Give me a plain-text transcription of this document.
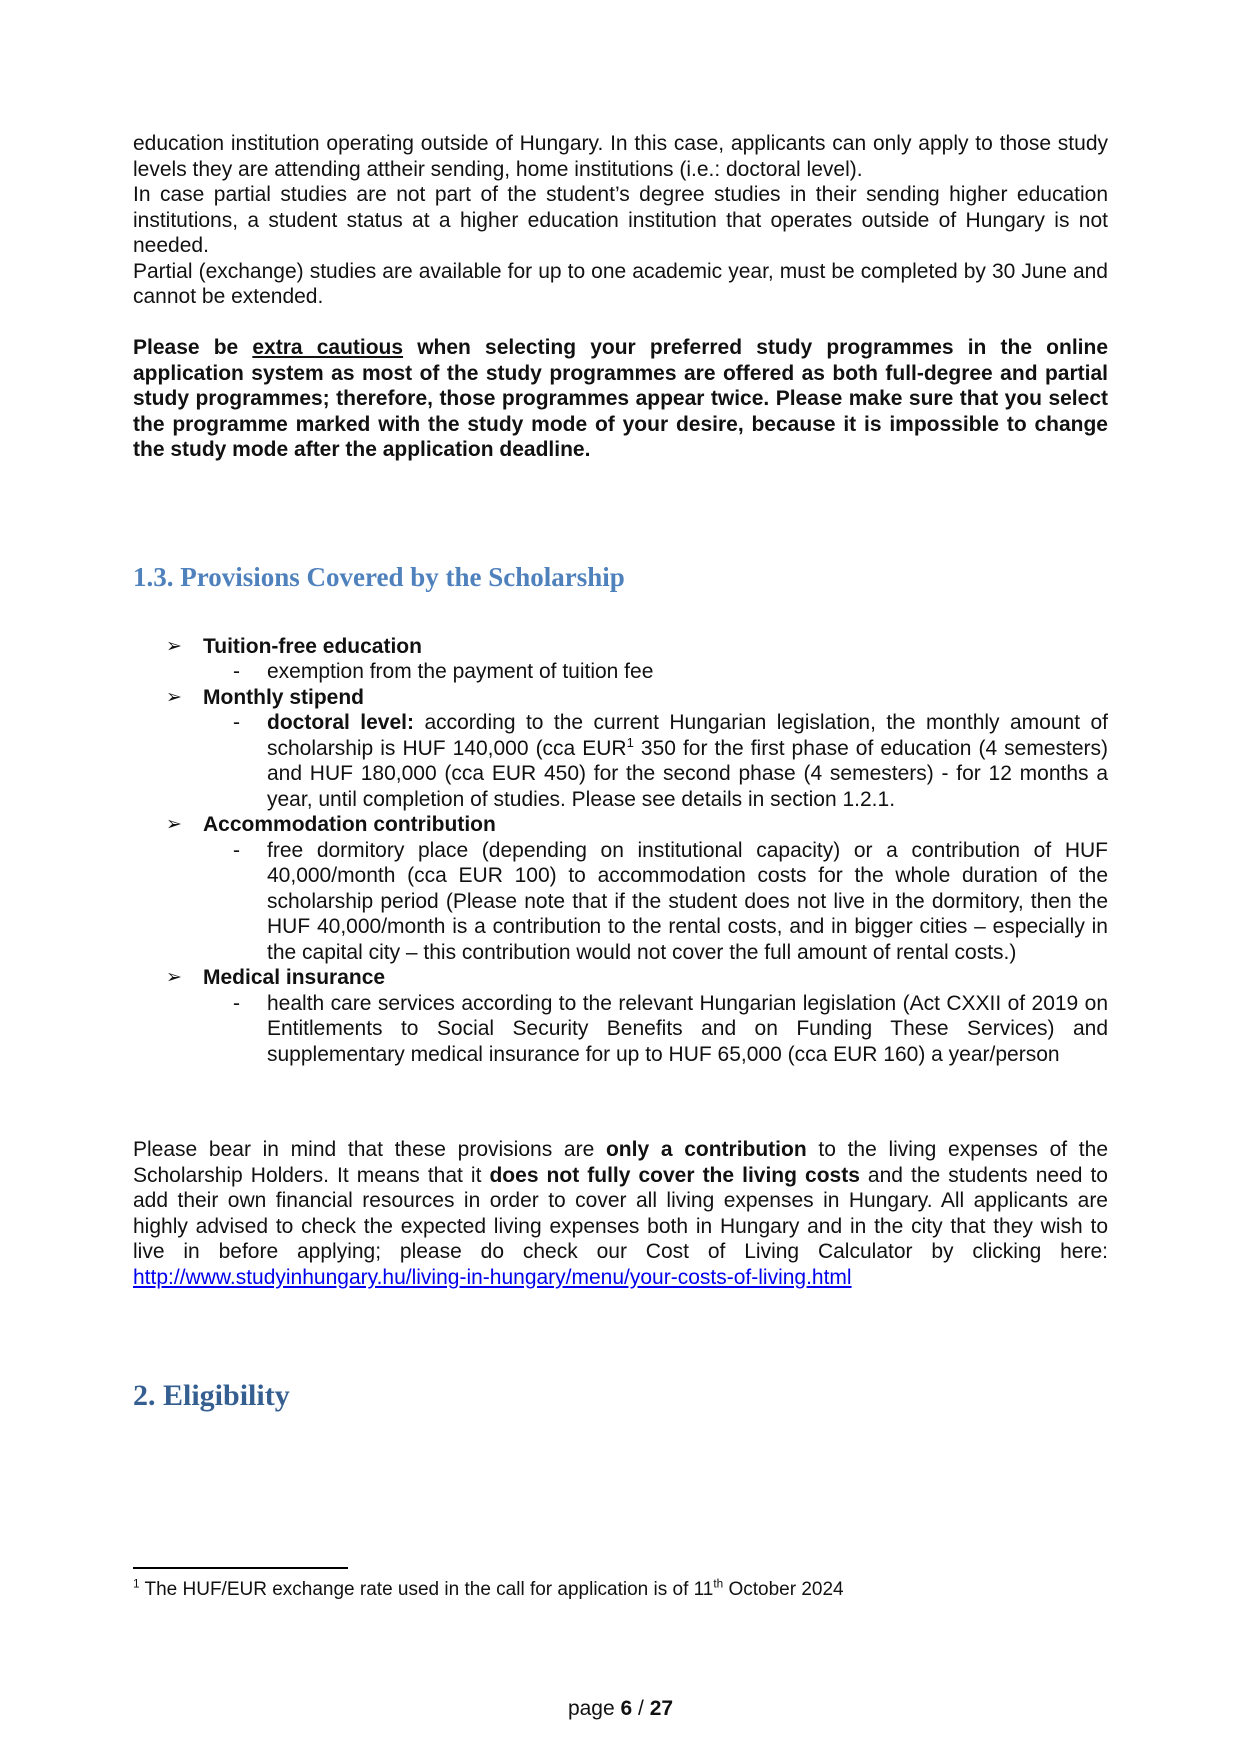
education institution operating outside of Hungary. In this case, applicants can only apply to those study levels they are attending attheir sending, home institutions (i.e.: doctoral level).

In case partial studies are not part of the student’s degree studies in their sending higher education institutions, a student status at a higher education institution that operates outside of Hungary is not needed.

Partial (exchange) studies are available for up to one academic year, must be completed by 30 June and cannot be extended.

Please be extra cautious when selecting your preferred study programmes in the online application system as most of the study programmes are offered as both full-degree and partial study programmes; therefore, those programmes appear twice. Please make sure that you select the programme marked with the study mode of your desire, because it is impossible to change the study mode after the application deadline.

1.3. Provisions Covered by the Scholarship
➢ Tuition-free education
- exemption from the payment of tuition fee
➢ Monthly stipend
- doctoral level: according to the current Hungarian legislation, the monthly amount of scholarship is HUF 140,000 (cca EUR$^1$ 350 for the first phase of education (4 semesters) and HUF 180,000 (cca EUR 450) for the second phase (4 semesters) - for 12 months a year, until completion of studies. Please see details in section 1.2.1.
➢ Accommodation contribution
- free dormitory place (depending on institutional capacity) or a contribution of HUF 40,000/month (cca EUR 100) to accommodation costs for the whole duration of the scholarship period (Please note that if the student does not live in the dormitory, then the HUF 40,000/month is a contribution to the rental costs, and in bigger cities – especially in the capital city – this contribution would not cover the full amount of rental costs.)
➢ Medical insurance
- health care services according to the relevant Hungarian legislation (Act CXXII of 2019 on Entitlements to Social Security Benefits and on Funding These Services) and supplementary medical insurance for up to HUF 65,000 (cca EUR 160) a year/person

Please bear in mind that these provisions are only a contribution to the living expenses of the Scholarship Holders. It means that it does not fully cover the living costs and the students need to add their own financial resources in order to cover all living expenses in Hungary. All applicants are highly advised to check the expected living expenses both in Hungary and in the city that they wish to live in before applying; please do check our Cost of Living Calculator by clicking here: http://www.studyinhungary.hu/living-in-hungary/menu/your-costs-of-living.html

2. Eligibility
$^1$ The HUF/EUR exchange rate used in the call for application is of 11th October 2024
page 6 / 27
